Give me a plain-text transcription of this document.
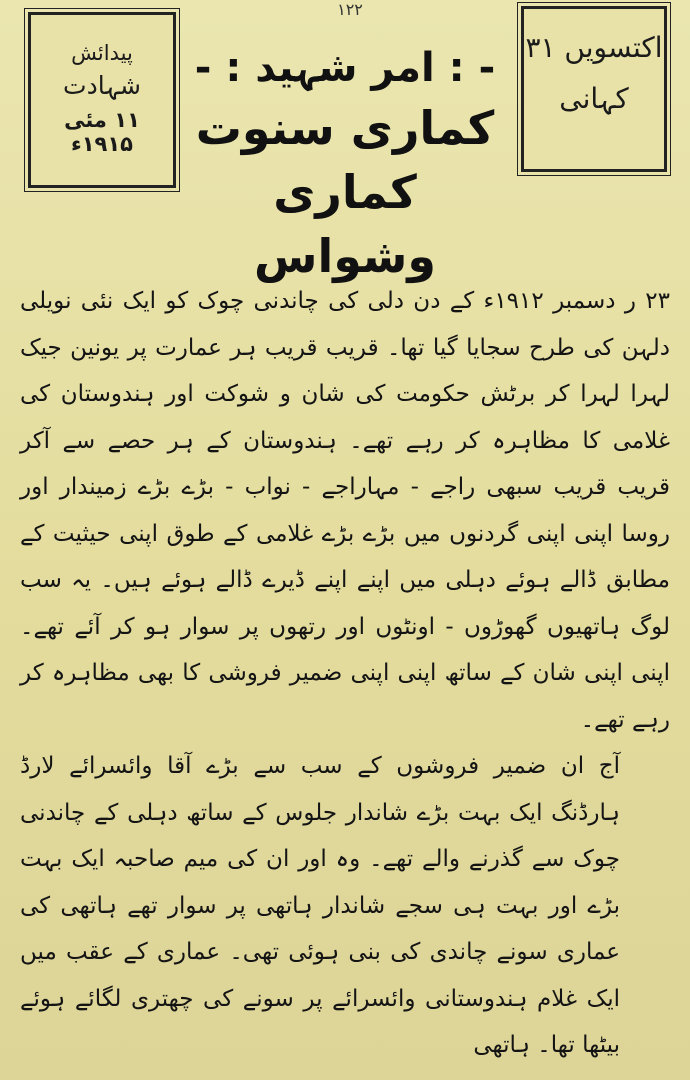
۱۲۲
پیدائش
شہادت
۱۱ مئی ۱۹۱۵ء
اکتسویں ۳۱
کہانی
- : امر شہید : -
کماری سنوت کماری وشواس

۲۳ ر دسمبر ۱۹۱۲ء کے دن دلی کی چاندنی چوک کو ایک نئی نویلی دلہن کی طرح سجایا گیا تھا۔ قریب قریب ہر عمارت پر یونین جیک لہرا لہرا کر برٹش حکومت کی شان و شوکت اور ہندوستان کی غلامی کا مظاہرہ کر رہے تھے۔ ہندوستان کے ہر حصے سے آکر قریب قریب سبھی راجے - مہاراجے - نواب - بڑے بڑے زمیندار اور روسا اپنی اپنی گردنوں میں بڑے بڑے غلامی کے طوق اپنی حیثیت کے مطابق ڈالے ہوئے دہلی میں اپنے اپنے ڈیرے ڈالے ہوئے ہیں۔ یہ سب لوگ ہاتھیوں گھوڑوں - اونٹوں اور رتھوں پر سوار ہو کر آئے تھے۔ اپنی اپنی شان کے ساتھ اپنی اپنی ضمیر فروشی کا بھی مظاہرہ کر رہے تھے۔

آج ان ضمیر فروشوں کے سب سے بڑے آقا وائسرائے لارڈ ہارڈنگ ایک بہت بڑے شاندار جلوس کے ساتھ دہلی کے چاندنی چوک سے گذرنے والے تھے۔ وہ اور ان کی میم صاحبہ ایک بہت بڑے اور بہت ہی سجے شاندار ہاتھی پر سوار تھے ہاتھی کی عماری سونے چاندی کی بنی ہوئی تھی۔ عماری کے عقب میں ایک غلام ہندوستانی وائسرائے پر سونے کی چھتری لگائے ہوئے بیٹھا تھا۔ ہاتھی
